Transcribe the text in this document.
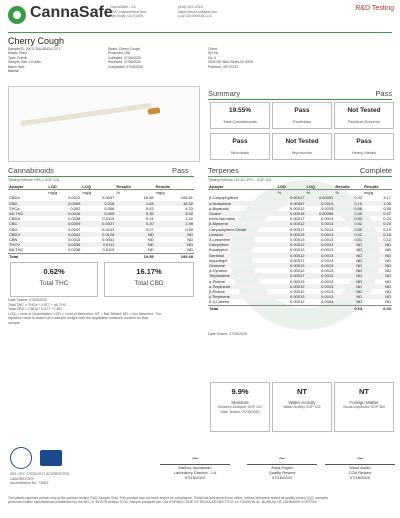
CannaSafe
CannaSafe - LA
7027 Hayvenhurst Ave.
Van Nuys, CA 91406
(818) 922-2416
https://www.csalabs.com
Lic# C8-0000040-LIC
R&D Testing
Cherry Cough
Sample ID: 2007CSALA8424.7071
Matrix: Plant
Type: Preroll
Sample Size: 10 units
Batch Size:
Batch#:
Strain: Cherry Cough
Produced: N/A
Collected: 07/06/2020
Received: 07/06/2020
Completed: 07/16/2020
Client
SN Inc
Lic. #
3333 NE Wiki Givers Dr, #205
Portland, OR 97220
Summary	Pass
19.55%
Total Cannabinoids
Pass
Pesticides
Not Tested
Residual Solvents
Pass
Microbials
Not Tested
Mycotoxins
Pass
Heavy Metals
Cannabinoids	Pass
Testing method: HPLC-SOP 101
Analyte	LOD	LOQ	Results	Results
	mg/g	mg/g	%	mg/g
CBDa	0.0012	0.0037	16.58	165.81
CBD	0.0059	0.018	1.63	16.32
THCa	0.002	0.006	0.43	4.33
Δ9-THC	0.0016	0.005	0.39	3.92
CBDA	0.0038	0.0115	0.24	2.42
CBC	0.0009	0.0027	0.20	1.99
CBG	0.0047	0.0143	0.07	0.69
CBDV	0.0042	0.0126	ND	ND
CBN	0.0014	0.0041	ND	ND
THCV	0.0036	0.0111	ND	ND
Δ8-THC	0.0038	0.0115	ND	ND
Total			19.55	195.48
0.62%
Total THC
16.17%
Total CBD
Date Tested: 07/09/2020
Total THC = THCa * 0.877 + d9-THC
Total CBD = CBDa * 0.877 + CBD
LOQ = Limit of Quantitation; LOD = Limit of Detection; NT = Not Tested; ND = Not Detected. The
reported result is based on a sample weight with the applicable moisture content for that
sample.
Terpenes	Complete
Testing method: HS-GC-FID – SOP 201
Analyte	LOD	LOQ	Results	Results
	%	%	%	mg/g
β-Caryophyllene	0.00017	0.00051	0.32	3.17
α-Humulene	0.00057	0.0013	0.10	1.00
α-Bisabolol	0.00012	0.0013	0.06	0.55
Guaiol	0.00018	0.00055	0.05	0.47
trans-Nerolidol	0.00017	0.0013	0.02	0.24
β-Myrcene	0.00012	0.0013	0.02	0.20
Caryophyllene Oxide	0.00017	0.0013	0.02	0.19
Linalool	0.00015	0.0013	0.02	0.16
δ-Limonene	0.00013	0.0013	0.01	0.12
Camphene	0.00012	0.0013	ND	ND
Eucalyptol	0.00013	0.0013	ND	ND
Geraniol	0.00012	0.0013	ND	ND
Isopulegol	0.00017	0.0013	ND	ND
Ocimene	0.00013	0.0013	ND	ND
p-Cymene	0.00012	0.0013	ND	ND
Terpinolene	0.00017	0.0013	ND	ND
α-Pinene	0.00013	0.0013	ND	ND
α-Terpinene	0.00012	0.0013	ND	ND
β-Pinene	0.00012	0.0013	ND	ND
γ-Terpinene	0.00013	0.0013	ND	ND
δ-3-Carene	0.00012	0.0004	ND	ND
Total			0.63	6.33
Date Tested: 07/08/2020
9.9%
Moisture
Moisture Analyzer SOP 131
Date Tested: 07/09/2020
NT
Water Activity
Water Activity SOP 102
NT
Foreign Matter
Visual Inspection SOP 600
ISO / IEC 17025:2017 ACCREDITED
LABORATORY
Accreditation No. 73653
~
Mallory Speakman
Laboratory Director - LA
07/16/2020
~
Anya Engen
Quality Review
07/16/2020
~
Musa Aman
COA Review
07/16/2020
The values reported pertain only to the product tested. R&D Sample Only. This product has not been tested for compliance. Tested as-is/received from client. Unless otherwise stated all quality control (QC) samples
performed within specifications established by the BCC in 16 CCR section 5730. Sample prepared per CALIFORNIA CODE OF REGULATIONS TITLE 16, DIVISION 42. BUREAU OF CANNABIS CONTROL
